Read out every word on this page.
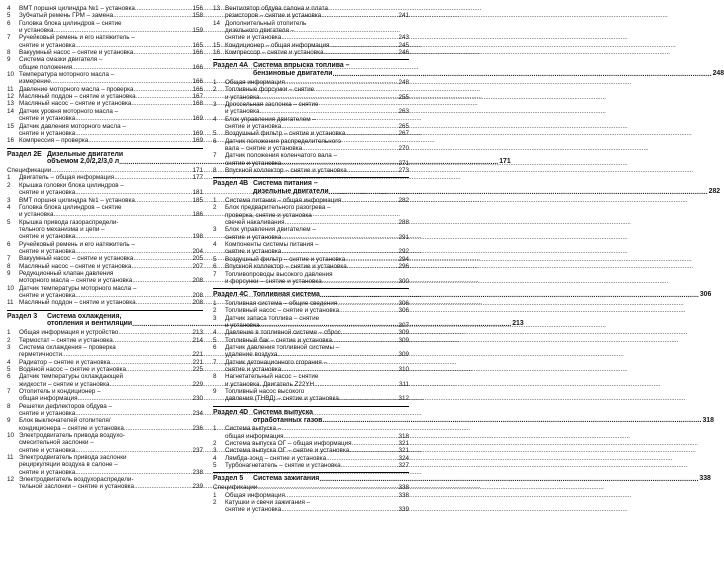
4	ВМТ поршня цилиндра №1 – установка .....	156
5	Зубчатый ремень ГРМ – замена .....	158
6	Головка блока цилиндров – снятие
и установка .....	159
7	Ручейковый ремень и его натяжитель –
снятие и установка .....	165
8	Вакуумный насос – снятие и установка .....	166
9	Система смазки двигателя –
общие положения .....	166
10 Температура моторного масла –
измерение .....	166
11 Давление моторного масла – проверка .....	166
12 Масляный поддон – снятие и установка .....	167
13 Масляный насос – снятие и установка .....	168
14 Датчик уровня моторного масла –
снятие и установка .....	169
15 Датчик давления моторного масла –
снятие и установка .....	169
16 Компрессия – проверка .....	169
Раздел 2Е Дизельные двигатели
объемом 2,0/2,2/3,0 л .....	171
Спецификации .....	171
1	Двигатель – общая информация .....	177
2	Крышка головки блока цилиндров –
снятие и установка .....	181
3	ВМТ поршня цилиндра №1 – установка .....	185
4	Головка блока цилиндров – снятие
и установка .....	186
5	Крышка привода газораспредели-
тельного механизма и цепи –
снятие и установка .....	198
6	Ручейковый ремень и его натяжитель –
снятие и установка .....	204
7	Вакуумный насос – снятие и установка .....	205
8	Масляный насос – снятие и установка .....	207
9	Редукционный клапан давления
моторного масла – снятие и установка .....	208
10 Датчик температуры моторного масла –
снятие и установка .....	208
11 Масляный поддон – снятие и установка .....	208
Раздел 3	Система охлаждения,
отопления и вентиляции .....	213
1	Общая информация и устройство .....	213
2	Термостат – снятие и установка .....	214
3	Система охлаждения – проверка
герметичности .....	221
4	Радиатор – снятие и установка .....	221
5	Водяной насос – снятие и установка .....	225
6	Датчик температуры охлаждающей
жидкости – снятие и установка .....	229
7	Отопитель и кондиционер –
общая информация .....	230
8	Решетки дефлекторов обдува –
снятие и установка .....	234
9	Блок выключателей отопителя/
кондиционера – снятие и установка .....	236
10 Электродвигатель привода воздухо-
смесительной заслонки –
снятие и установка .....	237
11 Электродвигатель привода заслонки
рециркуляции воздуха в салоне –
снятие и установка .....	238
12 Электродвигатель воздухораспредели-
тельной заслонки – снятие и установка .....	239
13 Вентилятор обдува салона и плата
резисторов – снятие и установка .....	241
14 Дополнительный отопитель
дизельного двигателя –
снятие и установка .....	243
15 Кондиционер – общая информация .....	245
16 Компрессор – снятие и установка .....	246
Раздел 4А Система впрыска топлива –
бензиновые двигатели .....	248
1	Общая информация .....	248
2	Топливные форсунки – снятие
и установка .....	255
3	Дроссельная заслонка – снятие
и установка .....	263
4	Блок управления двигателем –
снятие и установка .....	265
5	Воздушный фильтр – снятие и установка .....	267
6	Датчик положения распределительного
вала – снятие и установка .....	270
7	Датчик положения коленчатого вала –
снятие и установка .....	271
8	Впускной коллектор – снятие и установка .....	273
Раздел 4В Система питания –
дизельные двигатели .....	282
1	Система питания – общая информация .....	282
2	Блок предварительного разогрева –
проверка, снятие и установка
свечей накаливания .....	288
3	Блок управления двигателем –
снятие и установка .....	291
4	Компоненты системы питания –
снятие и установка .....	292
5	Воздушный фильтр – снятие и установка .....	294
6	Впускной коллектор – снятие и установка .....	296
7	Топливопроводы высокого давления
и форсунки – снятие и установка .....	300
Раздел 4С Топливная система .....	306
1	Топливная система – общие сведения .....	306
2	Топливный насос – снятие и установка .....	306
3	Датчик запаса топлива – снятие
и установка .....	307
4	Давление в топливной системе – сброс .....	309
5	Топливный бак – снятие и установка .....	309
6	Датчик давления топливной системы –
удаление воздуха .....	309
7	Датчик детонационного сгорания –
снятие и установка .....	310
8	Нагнетательный насос – снятие
и установка. Двигатель Z22YH .....	311
9	Топливный насос высокого
давления (ТНВД) – снятие и установка .....	312
Раздел 4D Система выпуска
отработанных газов .....	318
1	Система выпуска –
общая информация .....	318
2	Система выпуска ОГ – общая информация .....	321
3	Система выпуска ОГ – снятие и установка .....	321
4	Лямбда-зонд – снятие и установка .....	324
5	Турбонагнетатель – снятие и установка .....	327
Раздел 5	Система зажигания .....	338
Спецификации .....	338
1	Общая информация .....	338
2	Катушки и свечи зажигания –
снятие и установка .....	339
